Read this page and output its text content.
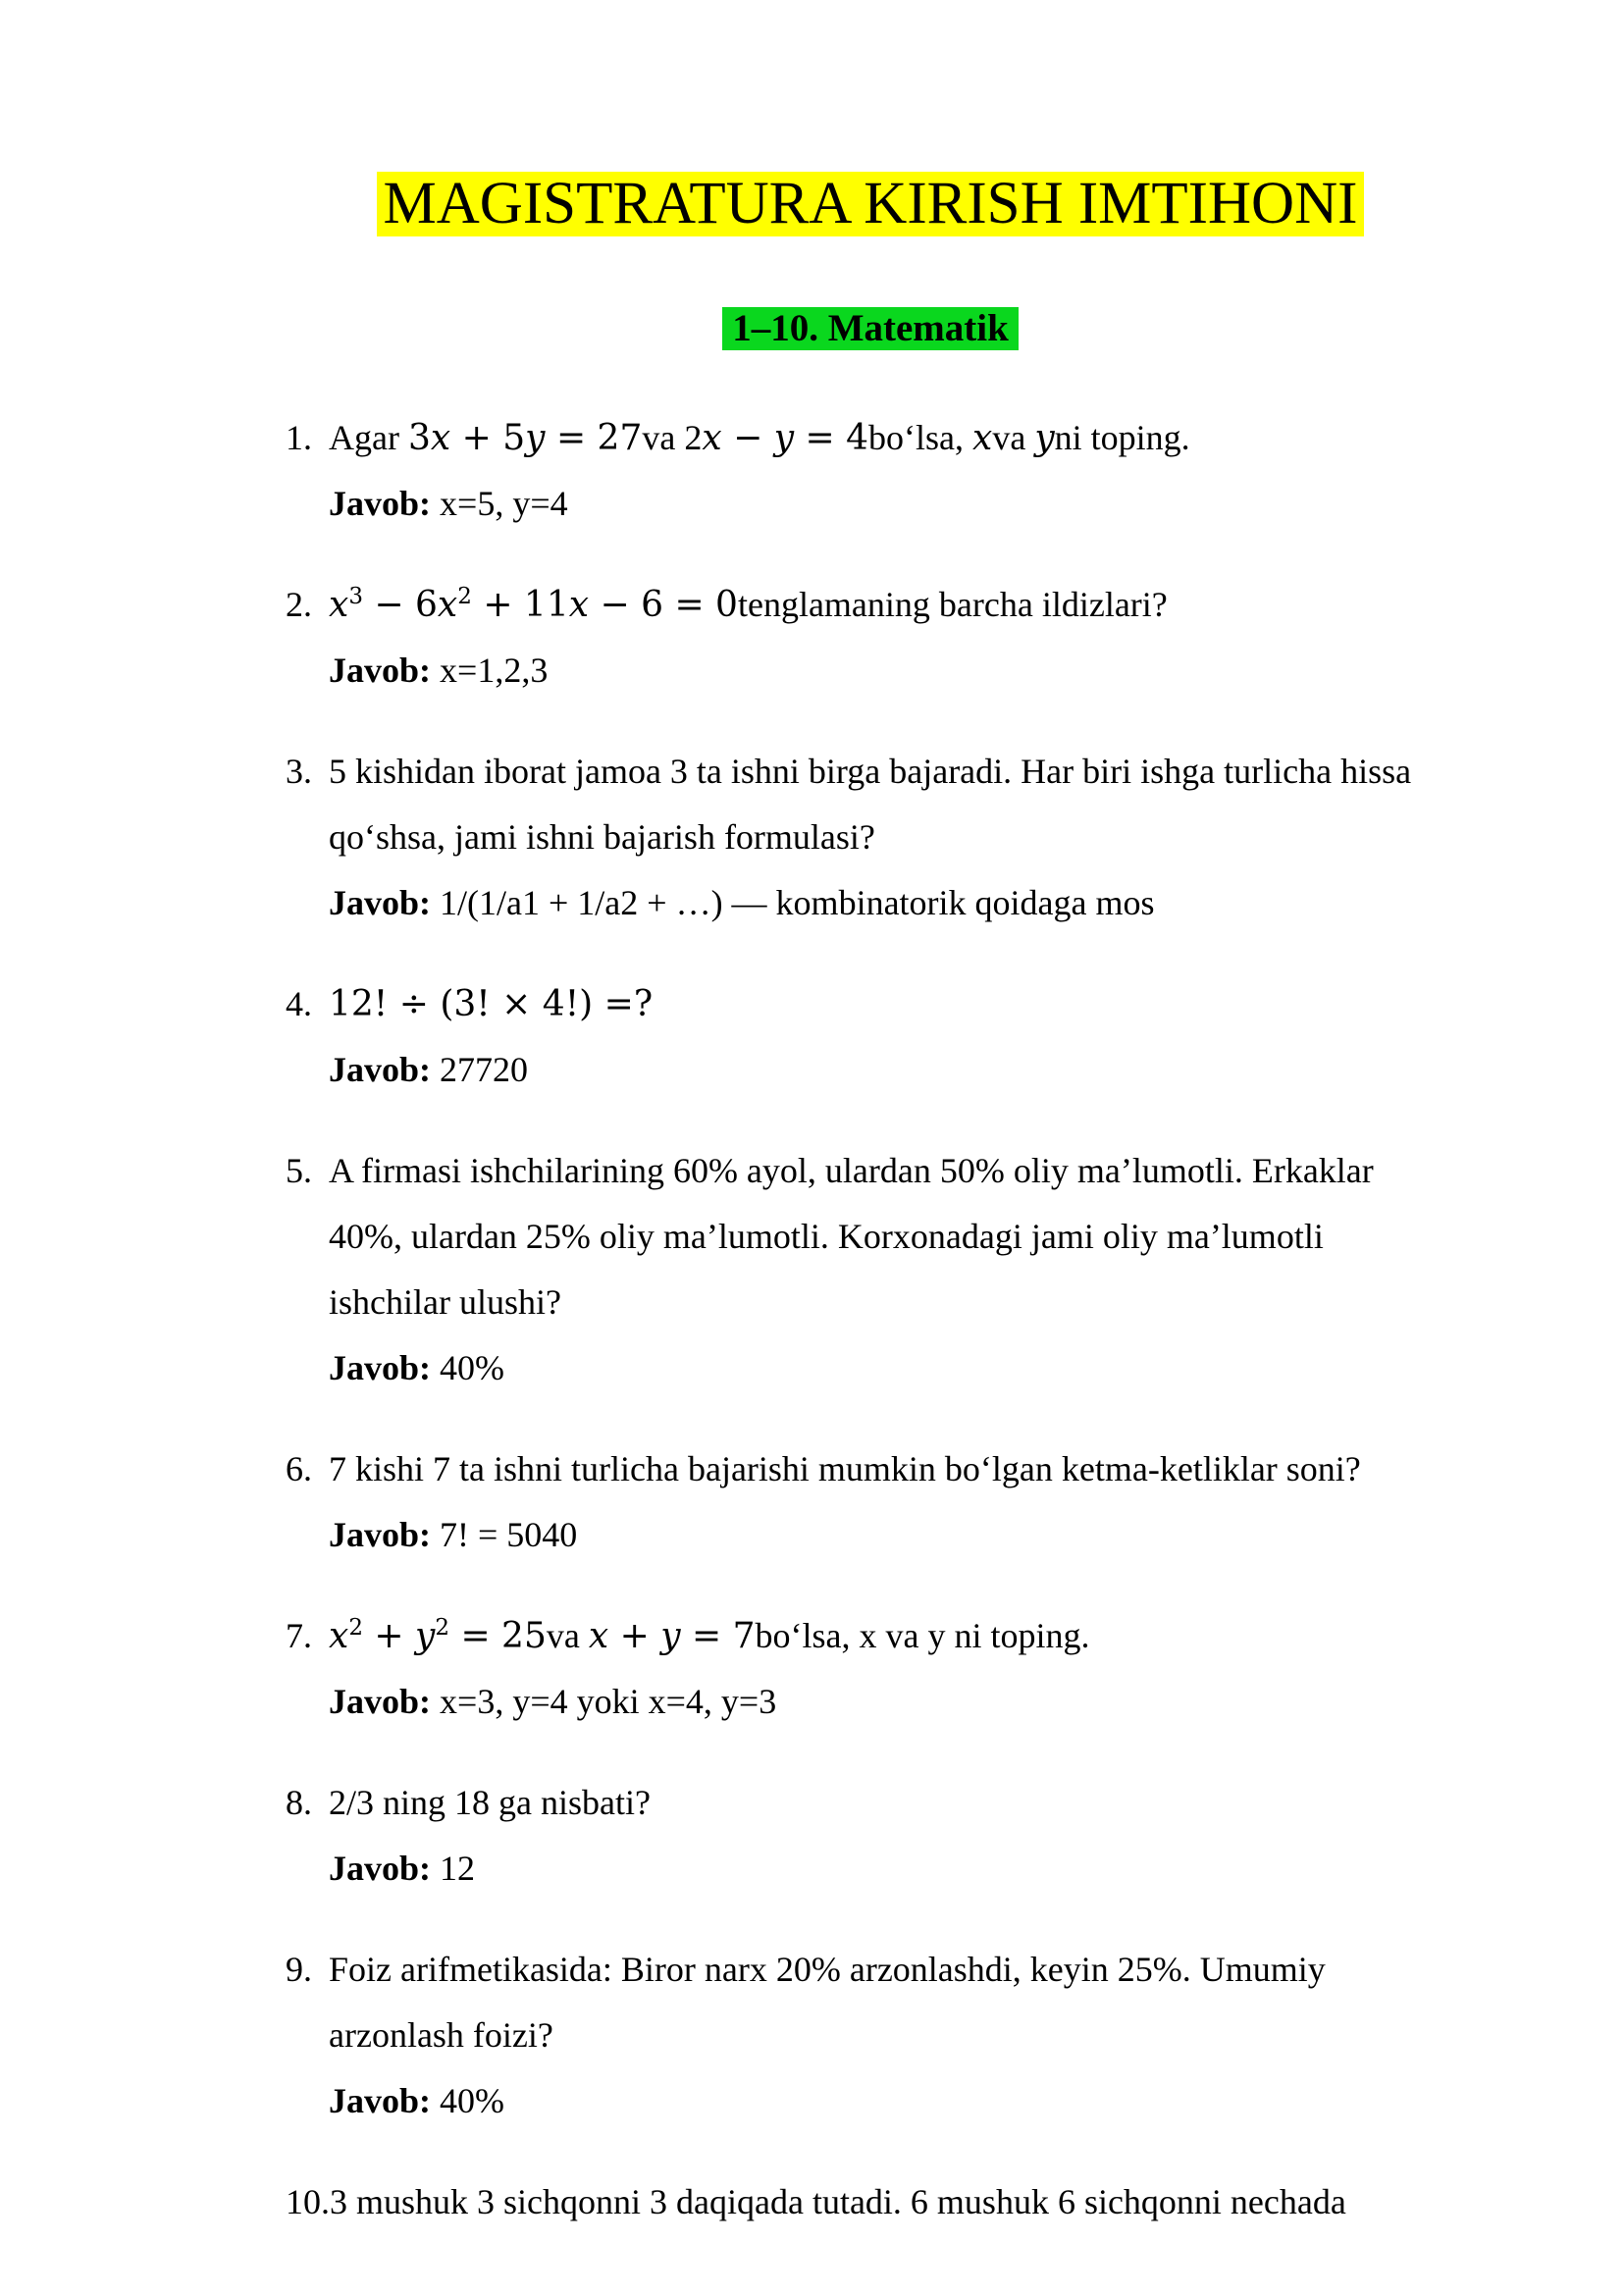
MAGISTRATURA KIRISH IMTIHONI
1–10. Matematik
1. Agar 3x + 5y = 27va 2x − y = 4boʻlsa, xva yni toping.
Javob: x=5, y=4
2. $x^3 - 6x^2 + 11x - 6$ = 0tenglamaning barcha ildizlari?
Javob: x=1,2,3
3. 5 kishidan iborat jamoa 3 ta ishni birga bajaradi. Har biri ishga turlicha hissa
qoʻshsa, jami ishni bajarish formulasi?
Javob: 1/(1/a1 + 1/a2 + …) — kombinatorik qoidaga mos
4. 12! ÷ (3! × 4!) =?
Javob: 27720
5. A firmasi ishchilarining 60% ayol, ulardan 50% oliy ma’lumotli. Erkaklar
40%, ulardan 25% oliy ma’lumotli. Korxonadagi jami oliy ma’lumotli
ishchilar ulushi?
Javob: 40%
6. 7 kishi 7 ta ishni turlicha bajarishi mumkin boʻlgan ketma-ketliklar soni?
Javob: 7! = 5040
7. $x^2 + y^2 = 25va$ x + y = 7boʻlsa, x va y ni toping.
Javob: x=3, y=4 yoki x=4, y=3
8. 2/3 ning 18 ga nisbati?
Javob: 12
9. Foiz arifmetikasida: Biror narx 20% arzonlashdi, keyin 25%. Umumiy
arzonlash foizi?
Javob: 40%
10. 3 mushuk 3 sichqonni 3 daqiqada tutadi. 6 mushuk 6 sichqonni nechada
